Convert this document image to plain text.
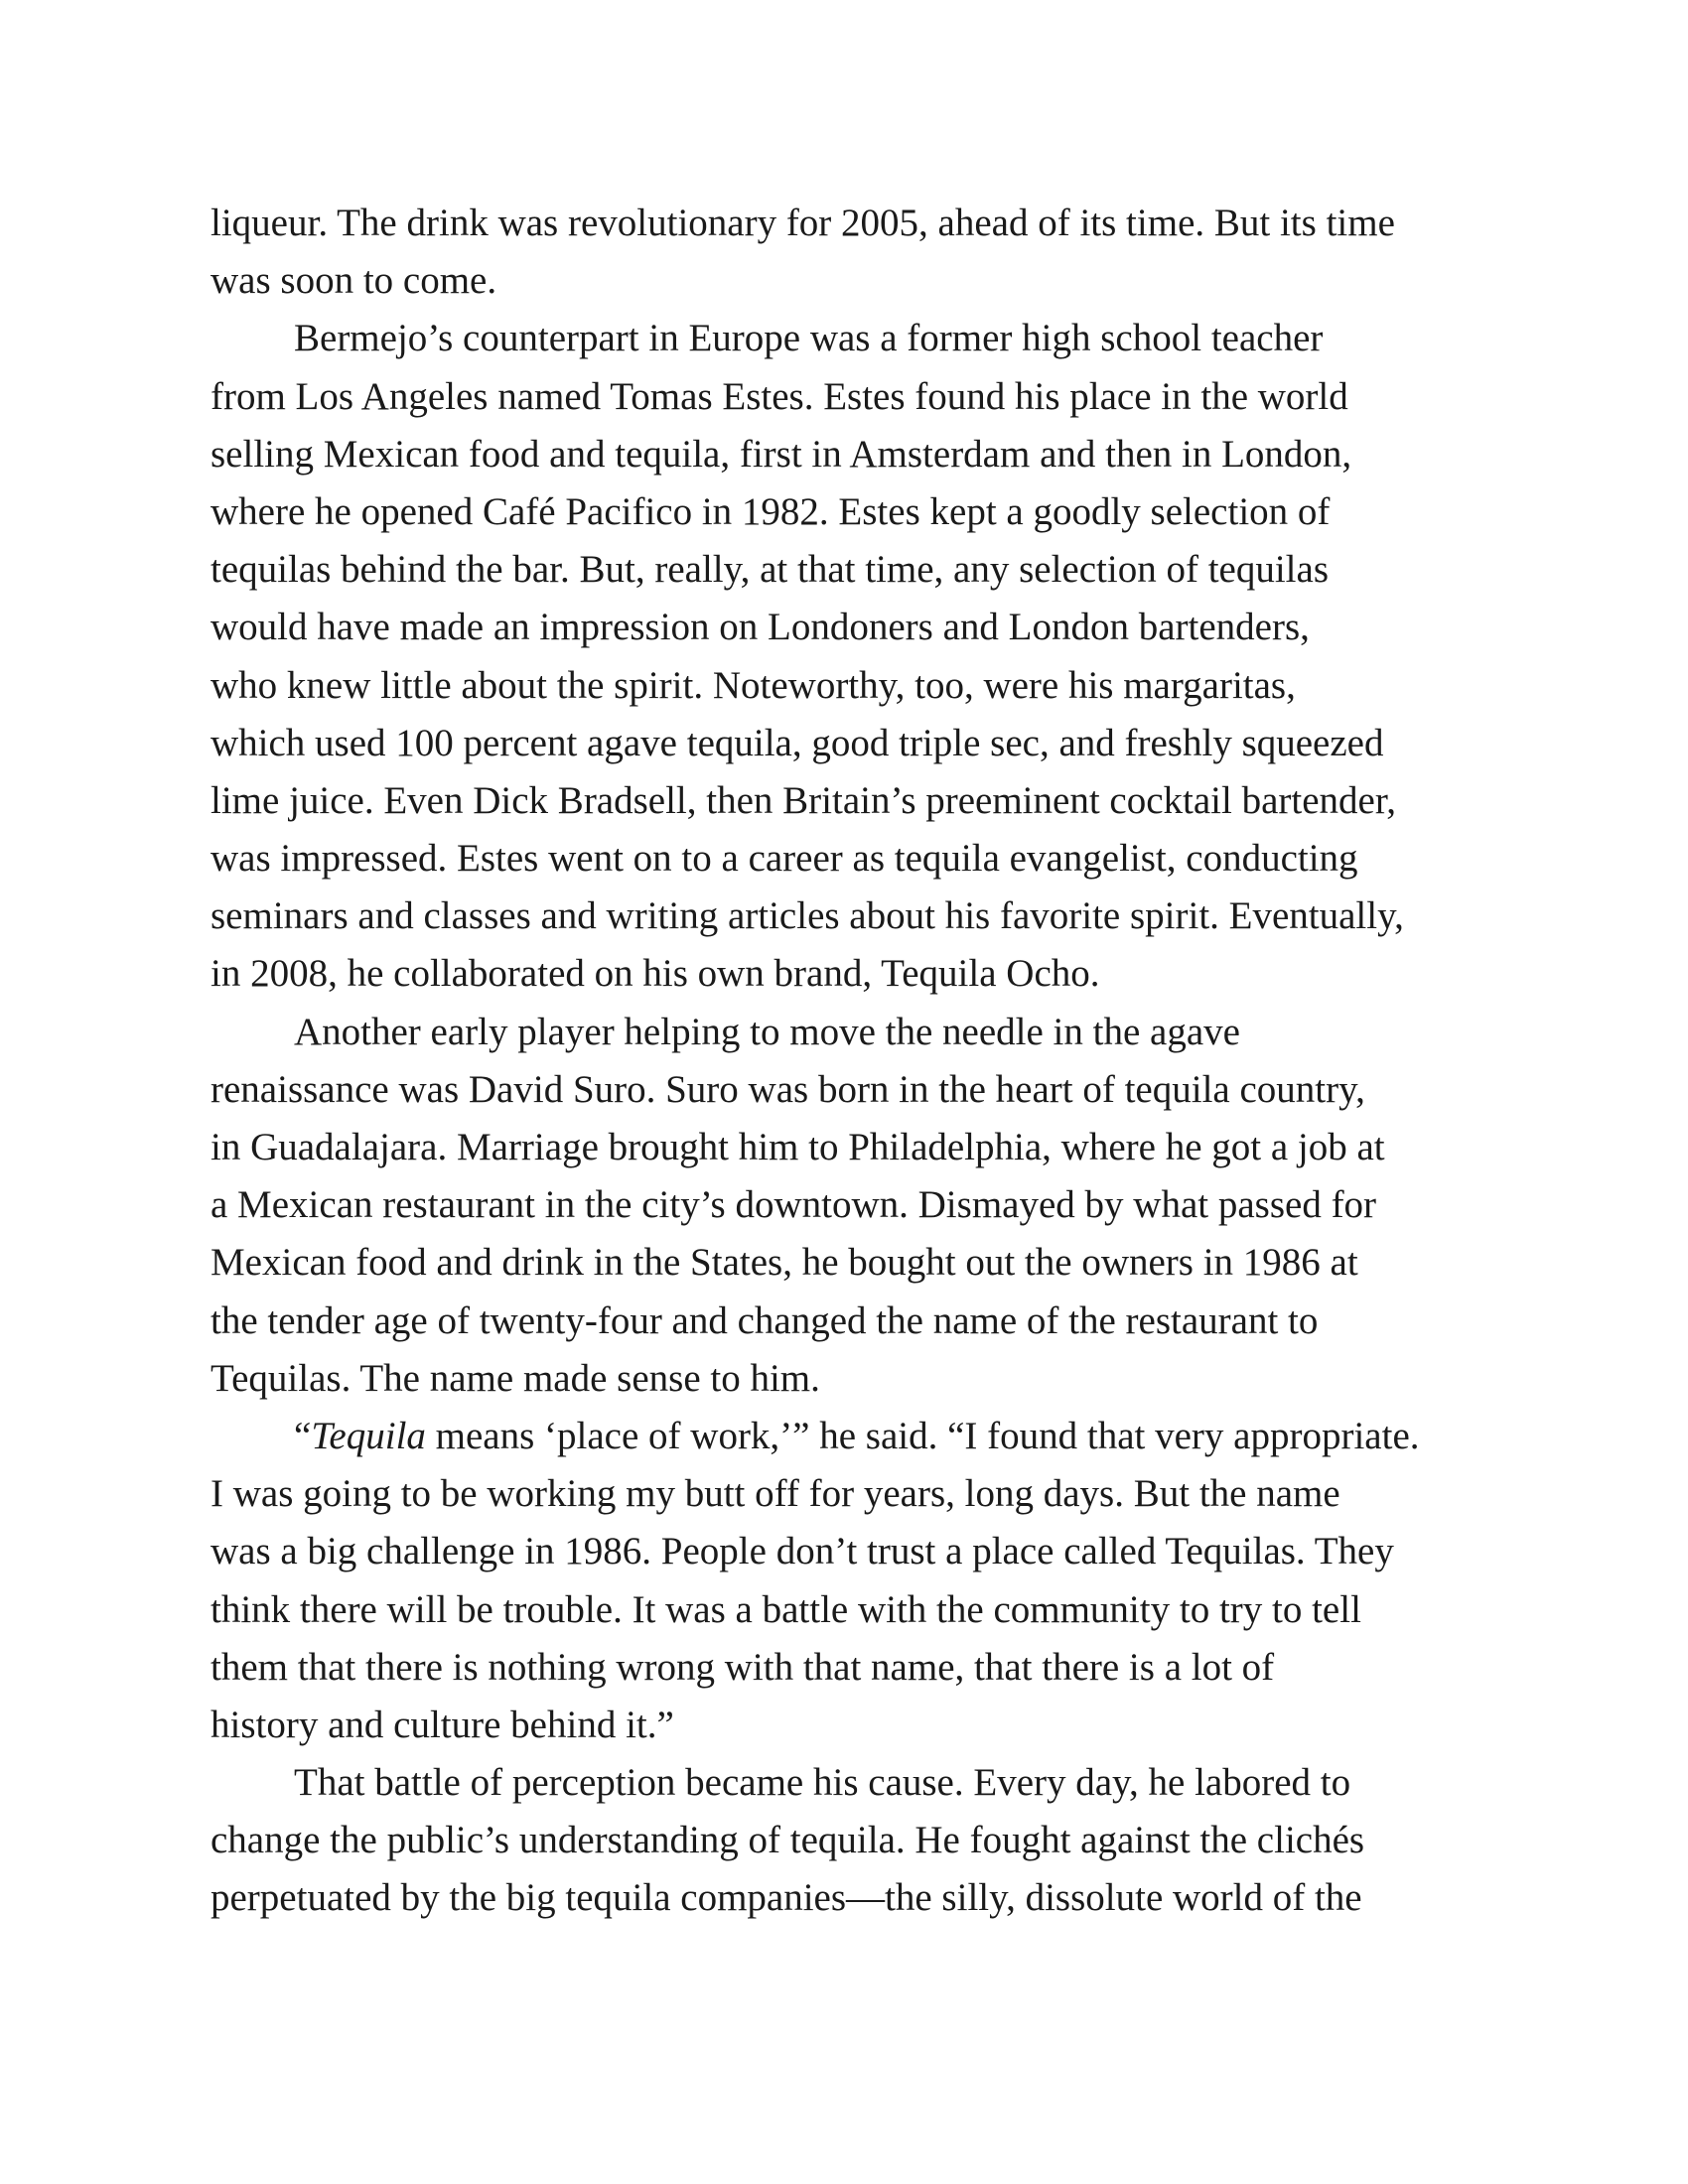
liqueur. The drink was revolutionary for 2005, ahead of its time. But its time
was soon to come.
Bermejo’s counterpart in Europe was a former high school teacher
from Los Angeles named Tomas Estes. Estes found his place in the world
selling Mexican food and tequila, first in Amsterdam and then in London,
where he opened Café Pacifico in 1982. Estes kept a goodly selection of
tequilas behind the bar. But, really, at that time, any selection of tequilas
would have made an impression on Londoners and London bartenders,
who knew little about the spirit. Noteworthy, too, were his margaritas,
which used 100 percent agave tequila, good triple sec, and freshly squeezed
lime juice. Even Dick Bradsell, then Britain’s preeminent cocktail bartender,
was impressed. Estes went on to a career as tequila evangelist, conducting
seminars and classes and writing articles about his favorite spirit. Eventually,
in 2008, he collaborated on his own brand, Tequila Ocho.
Another early player helping to move the needle in the agave
renaissance was David Suro. Suro was born in the heart of tequila country,
in Guadalajara. Marriage brought him to Philadelphia, where he got a job at
a Mexican restaurant in the city’s downtown. Dismayed by what passed for
Mexican food and drink in the States, he bought out the owners in 1986 at
the tender age of twenty-four and changed the name of the restaurant to
Tequilas. The name made sense to him.
“Tequila means ‘place of work,’” he said. “I found that very appropriate.
I was going to be working my butt off for years, long days. But the name
was a big challenge in 1986. People don’t trust a place called Tequilas. They
think there will be trouble. It was a battle with the community to try to tell
them that there is nothing wrong with that name, that there is a lot of
history and culture behind it.”
That battle of perception became his cause. Every day, he labored to
change the public’s understanding of tequila. He fought against the clichés
perpetuated by the big tequila companies—the silly, dissolute world of the
